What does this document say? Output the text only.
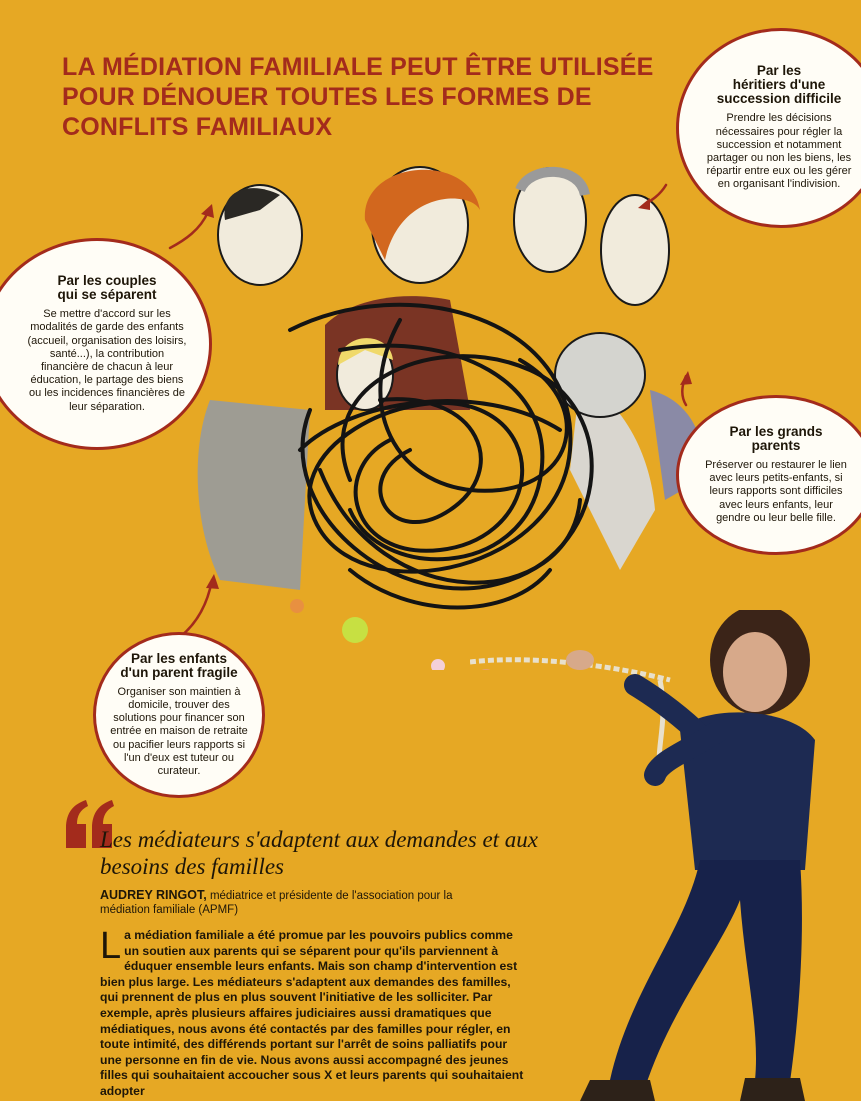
LA MÉDIATION FAMILIALE PEUT ÊTRE UTILISÉE POUR DÉNOUER TOUTES LES FORMES DE CONFLITS FAMILIAUX
Par les
héritiers d'une
succession difficile

Prendre les décisions nécessaires pour régler la succession et notamment partager ou non les biens, les répartir entre eux ou les gérer en organisant l'indivision.

Par les couples
qui se séparent

Se mettre d'accord sur les modalités de garde des enfants (accueil, organisation des loisirs, santé...), la contribution financière de chacun à leur éducation, le partage des biens ou les incidences financières de leur séparation.

Par les grands
parents

Préserver ou restaurer le lien avec leurs petits-enfants, si leurs rapports sont difficiles avec leurs enfants, leur gendre ou leur belle fille.

Par les enfants
d'un parent fragile

Organiser son maintien à domicile, trouver des solutions pour financer son entrée en maison de retraite ou pacifier leurs rapports si l'un d'eux est tuteur ou curateur.

Les médiateurs s'adaptent aux demandes et aux besoins des familles

AUDREY RINGOT, médiatrice et présidente de l'association pour la médiation familiale (APMF)

La médiation familiale a été promue par les pouvoirs publics comme un soutien aux parents qui se séparent pour qu'ils parviennent à éduquer ensemble leurs enfants. Mais son champ d'intervention est bien plus large. Les médiateurs s'adaptent aux demandes des familles, qui prennent de plus en plus souvent l'initiative de les solliciter. Par exemple, après plusieurs affaires judiciaires aussi dramatiques que médiatiques, nous avons été contactés par des familles pour régler, en toute intimité, des différends portant sur l'arrêt de soins palliatifs pour une personne en fin de vie. Nous avons aussi accompagné des jeunes filles qui souhaitaient accoucher sous X et leurs parents qui souhaitaient adopter
